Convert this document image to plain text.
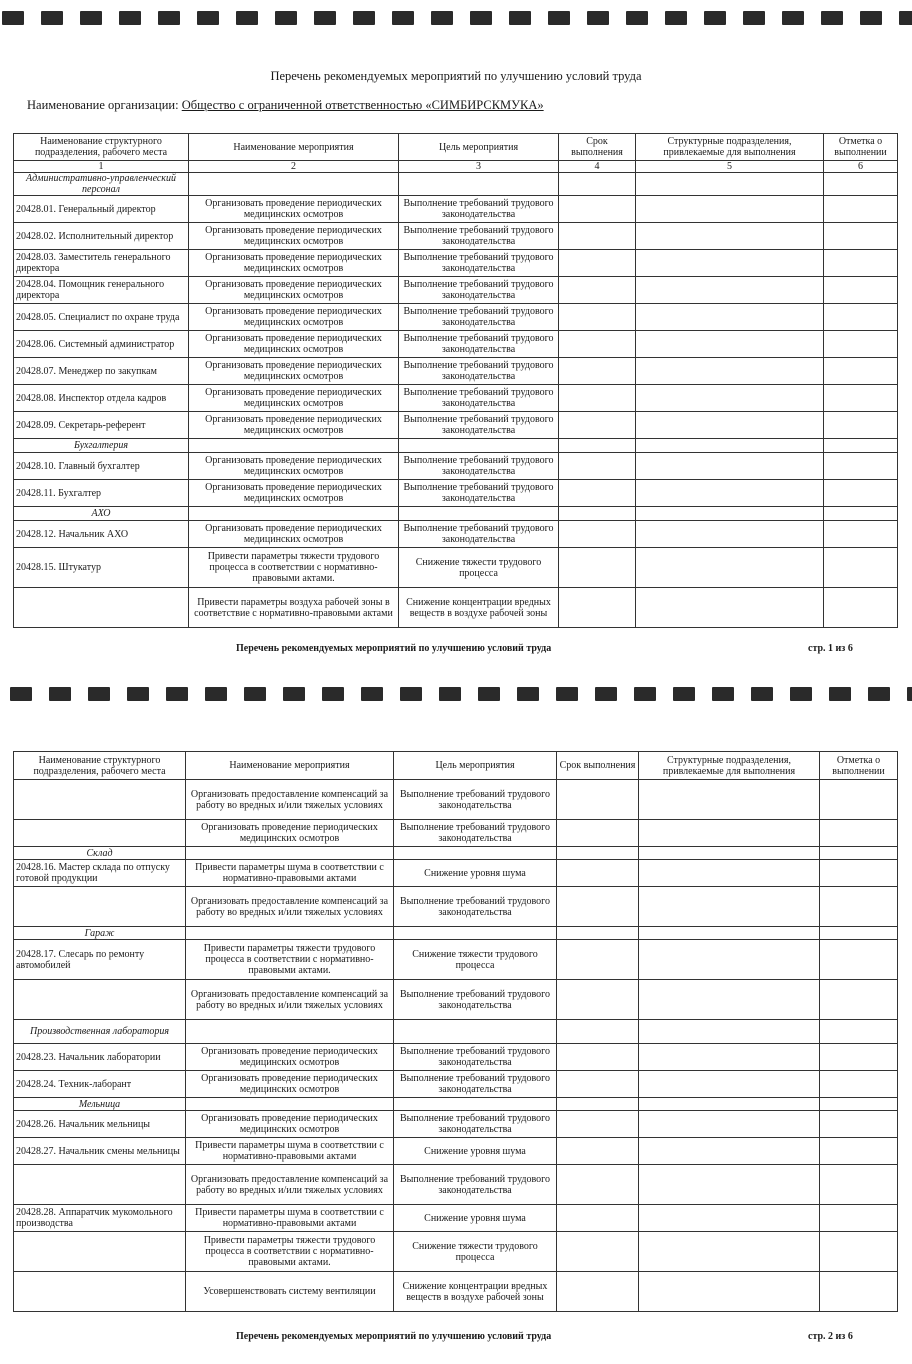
Перечень рекомендуемых мероприятий по улучшению условий труда
Наименование организации: Общество с ограниченной ответственностью «СИМБИРСКМУКА»
Наименование структурного подразделения, рабочего места	Наименование мероприятия	Цель мероприятия	Срок выполнения	Структурные подразделения, привлекаемые для выполнения	Отметка о выполнении
1	2	3	4	5	6
Административно-управленческий персонал					
20428.01. Генеральный директор	Организовать проведение периодических медицинских осмотров	Выполнение требований трудового законодательства			
20428.02. Исполнительный директор	Организовать проведение периодических медицинских осмотров	Выполнение требований трудового законодательства			
20428.03. Заместитель генерального директора	Организовать проведение периодических медицинских осмотров	Выполнение требований трудового законодательства			
20428.04. Помощник генерального директора	Организовать проведение периодических медицинских осмотров	Выполнение требований трудового законодательства			
20428.05. Специалист по охране труда	Организовать проведение периодических медицинских осмотров	Выполнение требований трудового законодательства			
20428.06. Системный администратор	Организовать проведение периодических медицинских осмотров	Выполнение требований трудового законодательства			
20428.07. Менеджер по закупкам	Организовать проведение периодических медицинских осмотров	Выполнение требований трудового законодательства			
20428.08. Инспектор отдела кадров	Организовать проведение периодических медицинских осмотров	Выполнение требований трудового законодательства			
20428.09. Секретарь-референт	Организовать проведение периодических медицинских осмотров	Выполнение требований трудового законодательства			
Бухгалтерия					
20428.10. Главный бухгалтер	Организовать проведение периодических медицинских осмотров	Выполнение требований трудового законодательства			
20428.11. Бухгалтер	Организовать проведение периодических медицинских осмотров	Выполнение требований трудового законодательства			
АХО					
20428.12. Начальник АХО	Организовать проведение периодических медицинских осмотров	Выполнение требований трудового законодательства			
20428.15. Штукатур	Привести параметры тяжести трудового процесса в соответствии с нормативно-правовыми актами.	Снижение тяжести трудового процесса			
	Привести параметры воздуха рабочей зоны в соответствие с нормативно-правовыми актами	Снижение концентрации вредных веществ в воздухе рабочей зоны			
Перечень рекомендуемых мероприятий по улучшению условий труда	стр. 1 из 6
Наименование структурного подразделения, рабочего места	Наименование мероприятия	Цель мероприятия	Срок выполнения	Структурные подразделения, привлекаемые для выполнения	Отметка о выполнении
	Организовать предоставление компенсаций за работу во вредных и/или тяжелых условиях	Выполнение требований трудового законодательства			
	Организовать проведение периодических медицинских осмотров	Выполнение требований трудового законодательства			
Склад					
20428.16. Мастер склада по отпуску готовой продукции	Привести параметры шума в соответствии с нормативно-правовыми актами	Снижение уровня шума			
	Организовать предоставление компенсаций за работу во вредных и/или тяжелых условиях	Выполнение требований трудового законодательства			
Гараж					
20428.17. Слесарь по ремонту автомобилей	Привести параметры тяжести трудового процесса в соответствии с нормативно-правовыми актами.	Снижение тяжести трудового процесса			
	Организовать предоставление компенсаций за работу во вредных и/или тяжелых условиях	Выполнение требований трудового законодательства			
Производственная лаборатория					
20428.23. Начальник лаборатории	Организовать проведение периодических медицинских осмотров	Выполнение требований трудового законодательства			
20428.24. Техник-лаборант	Организовать проведение периодических медицинских осмотров	Выполнение требований трудового законодательства			
Мельница					
20428.26. Начальник мельницы	Организовать проведение периодических медицинских осмотров	Выполнение требований трудового законодательства			
20428.27. Начальник смены мельницы	Привести параметры шума в соответствии с нормативно-правовыми актами	Снижение уровня шума			
	Организовать предоставление компенсаций за работу во вредных и/или тяжелых условиях	Выполнение требований трудового законодательства			
20428.28. Аппаратчик мукомольного производства	Привести параметры шума в соответствии с нормативно-правовыми актами	Снижение уровня шума			
	Привести параметры тяжести трудового процесса в соответствии с нормативно-правовыми актами.	Снижение тяжести трудового процесса			
	Усовершенствовать систему вентиляции	Снижение концентрации вредных веществ в воздухе рабочей зоны			
Перечень рекомендуемых мероприятий по улучшению условий труда	стр. 2 из 6
